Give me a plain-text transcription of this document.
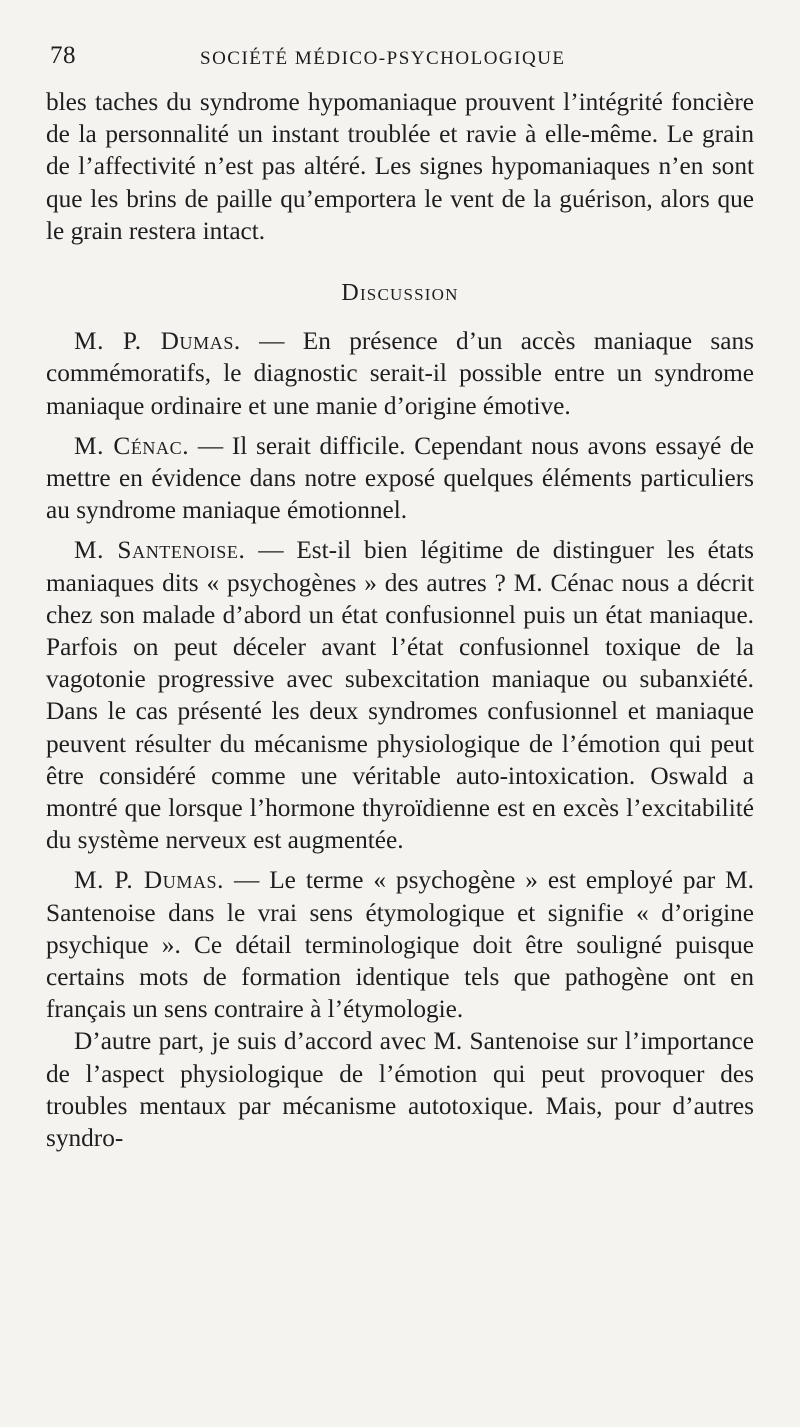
78	SOCIÉTÉ MÉDICO-PSYCHOLOGIQUE

bles taches du syndrome hypomaniaque prouvent l’intégrité foncière de la personnalité un instant troublée et ravie à elle-même. Le grain de l’affectivité n’est pas altéré. Les signes hypomaniaques n’en sont que les brins de paille qu’emportera le vent de la guérison, alors que le grain restera intact.

Discussion

M. P. Dumas. — En présence d’un accès maniaque sans commémoratifs, le diagnostic serait-il possible entre un syndrome maniaque ordinaire et une manie d’origine émotive.

M. Cénac. — Il serait difficile. Cependant nous avons essayé de mettre en évidence dans notre exposé quelques éléments particuliers au syndrome maniaque émotionnel.

M. Santenoise. — Est-il bien légitime de distinguer les états maniaques dits « psychogènes » des autres ? M. Cénac nous a décrit chez son malade d’abord un état confusionnel puis un état maniaque. Parfois on peut déceler avant l’état confusionnel toxique de la vagotonie progressive avec subexcitation maniaque ou subanxiété. Dans le cas présenté les deux syndromes confusionnel et maniaque peuvent résulter du mécanisme physiologique de l’émotion qui peut être considéré comme une véritable auto-intoxication. Oswald a montré que lorsque l’hormone thyroïdienne est en excès l’excitabilité du système nerveux est augmentée.

M. P. Dumas. — Le terme « psychogène » est employé par M. Santenoise dans le vrai sens étymologique et signifie « d’origine psychique ». Ce détail terminologique doit être souligné puisque certains mots de formation identique tels que pathogène ont en français un sens contraire à l’étymologie.

D’autre part, je suis d’accord avec M. Santenoise sur l’importance de l’aspect physiologique de l’émotion qui peut provoquer des troubles mentaux par mécanisme autotoxique. Mais, pour d’autres syndro-
